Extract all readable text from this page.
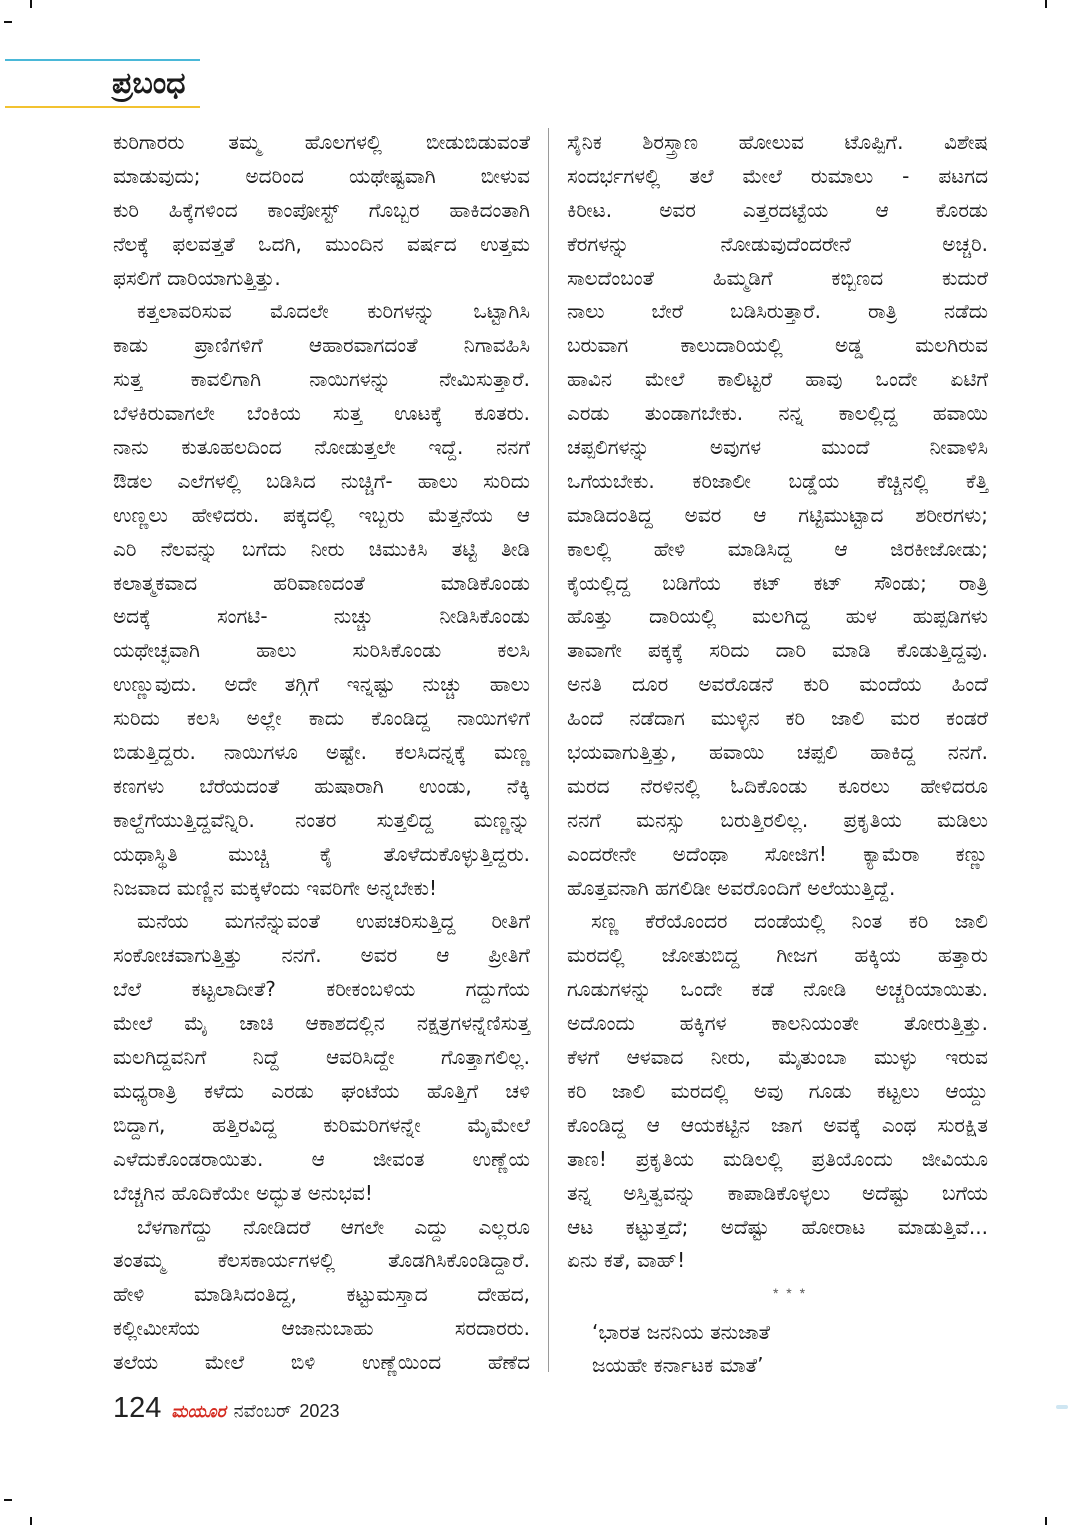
ಪ್ರಬಂಧ
ಕುರಿಗಾರರು ತಮ್ಮ ಹೊಲಗಳಲ್ಲಿ ಬೀಡುಬಿಡುವಂತೆ
ಮಾಡುವುದು; ಅದರಿಂದ ಯಥೇಷ್ಟವಾಗಿ ಬೀಳುವ
ಕುರಿ ಹಿಕ್ಕೆಗಳಿಂದ ಕಾಂಪೋಸ್ಟ್ ಗೊಬ್ಬರ ಹಾಕಿದಂತಾಗಿ
ನೆಲಕ್ಕೆ ಫಲವತ್ತತೆ ಒದಗಿ, ಮುಂದಿನ ವರ್ಷದ ಉತ್ತಮ
ಫಸಲಿಗೆ ದಾರಿಯಾಗುತ್ತಿತ್ತು.
ಕತ್ತಲಾವರಿಸುವ ಮೊದಲೇ ಕುರಿಗಳನ್ನು ಒಟ್ಟಾಗಿಸಿ
ಕಾಡು ಪ್ರಾಣಿಗಳಿಗೆ ಆಹಾರವಾಗದಂತೆ ನಿಗಾವಹಿಸಿ
ಸುತ್ತ ಕಾವಲಿಗಾಗಿ ನಾಯಿಗಳನ್ನು ನೇಮಿಸುತ್ತಾರೆ.
ಬೆಳಕಿರುವಾಗಲೇ ಬೆಂಕಿಯ ಸುತ್ತ ಊಟಕ್ಕೆ ಕೂತರು.
ನಾನು ಕುತೂಹಲದಿಂದ ನೋಡುತ್ತಲೇ ಇದ್ದೆ. ನನಗೆ
ಔಡಲ ಎಲೆಗಳಲ್ಲಿ ಬಡಿಸಿದ ನುಚ್ಚಿಗೆ- ಹಾಲು ಸುರಿದು
ಉಣ್ಣಲು ಹೇಳಿದರು. ಪಕ್ಕದಲ್ಲಿ ಇಬ್ಬರು ಮೆತ್ತನೆಯ ಆ
ಎರಿ ನೆಲವನ್ನು ಬಗೆದು ನೀರು ಚಿಮುಕಿಸಿ ತಟ್ಟಿ ತೀಡಿ
ಕಲಾತ್ಮಕವಾದ ಹರಿವಾಣದಂತೆ ಮಾಡಿಕೊಂಡು
ಅದಕ್ಕೆ ಸಂಗಟಿ- ನುಚ್ಚು ನೀಡಿಸಿಕೊಂಡು
ಯಥೇಚ್ಛವಾಗಿ ಹಾಲು ಸುರಿಸಿಕೊಂಡು ಕಲಸಿ
ಉಣ್ಣುವುದು. ಅದೇ ತಗ್ಗಿಗೆ ಇನ್ನಷ್ಟು ನುಚ್ಚು ಹಾಲು
ಸುರಿದು ಕಲಸಿ ಅಲ್ಲೇ ಕಾದು ಕೊಂಡಿದ್ದ ನಾಯಿಗಳಿಗೆ
ಬಿಡುತ್ತಿದ್ದರು. ನಾಯಿಗಳೂ ಅಷ್ಟೇ. ಕಲಸಿದನ್ನಕ್ಕೆ ಮಣ್ಣ
ಕಣಗಳು ಬೆರೆಯದಂತೆ ಹುಷಾರಾಗಿ ಉಂಡು, ನೆಕ್ಕಿ
ಕಾಲ್ದೆಗೆಯುತ್ತಿದ್ದವೆನ್ನಿರಿ. ನಂತರ ಸುತ್ತಲಿದ್ದ ಮಣ್ಣನ್ನು
ಯಥಾಸ್ಥಿತಿ ಮುಚ್ಚಿ ಕೈ ತೊಳೆದುಕೊಳ್ಳುತ್ತಿದ್ದರು.
ನಿಜವಾದ ಮಣ್ಣಿನ ಮಕ್ಕಳೆಂದು ಇವರಿಗೇ ಅನ್ನಬೇಕು!
ಮನೆಯ ಮಗನೆನ್ನುವಂತೆ ಉಪಚರಿಸುತ್ತಿದ್ದ ರೀತಿಗೆ
ಸಂಕೋಚವಾಗುತ್ತಿತ್ತು ನನಗೆ. ಅವರ ಆ ಪ್ರೀತಿಗೆ
ಬೆಲೆ ಕಟ್ಟಲಾದೀತೆ? ಕರೀಕಂಬಳಿಯ ಗದ್ದುಗೆಯ
ಮೇಲೆ ಮೈ ಚಾಚಿ ಆಕಾಶದಲ್ಲಿನ ನಕ್ಷತ್ರಗಳನ್ನೆಣಿಸುತ್ತ
ಮಲಗಿದ್ದವನಿಗೆ ನಿದ್ದೆ ಆವರಿಸಿದ್ದೇ ಗೊತ್ತಾಗಲಿಲ್ಲ.
ಮಧ್ಯರಾತ್ರಿ ಕಳೆದು ಎರಡು ಘಂಟೆಯ ಹೊತ್ತಿಗೆ ಚಳಿ
ಬಿದ್ದಾಗ, ಹತ್ತಿರವಿದ್ದ ಕುರಿಮರಿಗಳನ್ನೇ ಮೈಮೇಲೆ
ಎಳೆದುಕೊಂಡರಾಯಿತು. ಆ ಜೀವಂತ ಉಣ್ಣೆಯ
ಬೆಚ್ಚಗಿನ ಹೊದಿಕೆಯೇ ಅದ್ಭುತ ಅನುಭವ!
ಬೆಳಗಾಗೆದ್ದು ನೋಡಿದರೆ ಆಗಲೇ ಎದ್ದು ಎಲ್ಲರೂ
ತಂತಮ್ಮ ಕೆಲಸಕಾರ್ಯಗಳಲ್ಲಿ ತೊಡಗಿಸಿಕೊಂಡಿದ್ದಾರೆ.
ಹೇಳಿ ಮಾಡಿಸಿದಂತಿದ್ದ, ಕಟ್ಟುಮಸ್ತಾದ ದೇಹದ,
ಕಲ್ಲೀಮೀಸೆಯ ಆಜಾನುಬಾಹು ಸರದಾರರು.
ತಲೆಯ ಮೇಲೆ ಬಿಳಿ ಉಣ್ಣೆಯಿಂದ ಹೆಣೆದ
ಸೈನಿಕ ಶಿರಸ್ತ್ರಾಣ ಹೋಲುವ ಟೊಪ್ಪಿಗೆ. ವಿಶೇಷ
ಸಂದರ್ಭಗಳಲ್ಲಿ ತಲೆ ಮೇಲೆ ರುಮಾಲು - ಪಟಗದ
ಕಿರೀಟ. ಅವರ ಎತ್ತರದಟ್ಟೆಯ ಆ ಕೊರಡು
ಕೆರಗಳನ್ನು ನೋಡುವುದೆಂದರೇನೆ ಅಚ್ಚರಿ.
ಸಾಲದೆಂಬಂತೆ ಹಿಮ್ಮಡಿಗೆ ಕಬ್ಬಿಣದ ಕುದುರೆ
ನಾಲು ಬೇರೆ ಬಡಿಸಿರುತ್ತಾರೆ. ರಾತ್ರಿ ನಡೆದು
ಬರುವಾಗ ಕಾಲುದಾರಿಯಲ್ಲಿ ಅಡ್ಡ ಮಲಗಿರುವ
ಹಾವಿನ ಮೇಲೆ ಕಾಲಿಟ್ಟರೆ ಹಾವು ಒಂದೇ ಏಟಿಗೆ
ಎರಡು ತುಂಡಾಗಬೇಕು. ನನ್ನ ಕಾಲಲ್ಲಿದ್ದ ಹವಾಯಿ
ಚಪ್ಪಲಿಗಳನ್ನು ಅವುಗಳ ಮುಂದೆ ನೀವಾಳಿಸಿ
ಒಗೆಯಬೇಕು. ಕರಿಜಾಲೀ ಬಡ್ಡೆಯ ಕೆಚ್ಚಿನಲ್ಲಿ ಕೆತ್ತಿ
ಮಾಡಿದಂತಿದ್ದ ಅವರ ಆ ಗಟ್ಟಿಮುಟ್ಟಾದ ಶರೀರಗಳು;
ಕಾಲಲ್ಲಿ ಹೇಳಿ ಮಾಡಿಸಿದ್ದ ಆ ಜಿರಕೀಜೋಡು;
ಕೈಯಲ್ಲಿದ್ದ ಬಡಿಗೆಯ ಕಟ್ ಕಟ್ ಸೌಂಡು; ರಾತ್ರಿ
ಹೊತ್ತು ದಾರಿಯಲ್ಲಿ ಮಲಗಿದ್ದ ಹುಳ ಹುಪ್ಪಡಿಗಳು
ತಾವಾಗೇ ಪಕ್ಕಕ್ಕೆ ಸರಿದು ದಾರಿ ಮಾಡಿ ಕೊಡುತ್ತಿದ್ದವು.
ಅನತಿ ದೂರ ಅವರೊಡನೆ ಕುರಿ ಮಂದೆಯ ಹಿಂದೆ
ಹಿಂದೆ ನಡೆದಾಗ ಮುಳ್ಳಿನ ಕರಿ ಜಾಲಿ ಮರ ಕಂಡರೆ
ಭಯವಾಗುತ್ತಿತ್ತು, ಹವಾಯಿ ಚಪ್ಪಲಿ ಹಾಕಿದ್ದ ನನಗೆ.
ಮರದ ನೆರಳಿನಲ್ಲಿ ಓದಿಕೊಂಡು ಕೂರಲು ಹೇಳಿದರೂ
ನನಗೆ ಮನಸ್ಸು ಬರುತ್ತಿರಲಿಲ್ಲ. ಪ್ರಕೃತಿಯ ಮಡಿಲು
ಎಂದರೇನೇ ಅದೆಂಥಾ ಸೋಜಿಗ! ಕ್ಯಾಮೆರಾ ಕಣ್ಣು
ಹೊತ್ತವನಾಗಿ ಹಗಲಿಡೀ ಅವರೊಂದಿಗೆ ಅಲೆಯುತ್ತಿದ್ದೆ.
ಸಣ್ಣ ಕೆರೆಯೊಂದರ ದಂಡೆಯಲ್ಲಿ ನಿಂತ ಕರಿ ಜಾಲಿ
ಮರದಲ್ಲಿ ಜೋತುಬಿದ್ದ ಗೀಜಗ ಹಕ್ಕಿಯ ಹತ್ತಾರು
ಗೂಡುಗಳನ್ನು ಒಂದೇ ಕಡೆ ನೋಡಿ ಅಚ್ಚರಿಯಾಯಿತು.
ಅದೊಂದು ಹಕ್ಕಿಗಳ ಕಾಲನಿಯಂತೇ ತೋರುತ್ತಿತ್ತು.
ಕೆಳಗೆ ಆಳವಾದ ನೀರು, ಮೈತುಂಬಾ ಮುಳ್ಳು ಇರುವ
ಕರಿ ಜಾಲಿ ಮರದಲ್ಲಿ ಅವು ಗೂಡು ಕಟ್ಟಲು ಆಯ್ದು
ಕೊಂಡಿದ್ದ ಆ ಆಯಕಟ್ಟಿನ ಜಾಗ ಅವಕ್ಕೆ ಎಂಥ ಸುರಕ್ಷಿತ
ತಾಣ! ಪ್ರಕೃತಿಯ ಮಡಿಲಲ್ಲಿ ಪ್ರತಿಯೊಂದು ಜೀವಿಯೂ
ತನ್ನ ಅಸ್ತಿತ್ವವನ್ನು ಕಾಪಾಡಿಕೊಳ್ಳಲು ಅದೆಷ್ಟು ಬಗೆಯ
ಆಟ ಕಟ್ಟುತ್ತದೆ; ಅದೆಷ್ಟು ಹೋರಾಟ ಮಾಡುತ್ತಿವೆ...
ಏನು ಕತೆ, ವಾಹ್!
* * *
‘ಭಾರತ ಜನನಿಯ ತನುಜಾತೆ
ಜಯಹೇ ಕರ್ನಾಟಕ ಮಾತೆ’
124 ಮಯೂರ ನವೆಂಬರ್ 2023
